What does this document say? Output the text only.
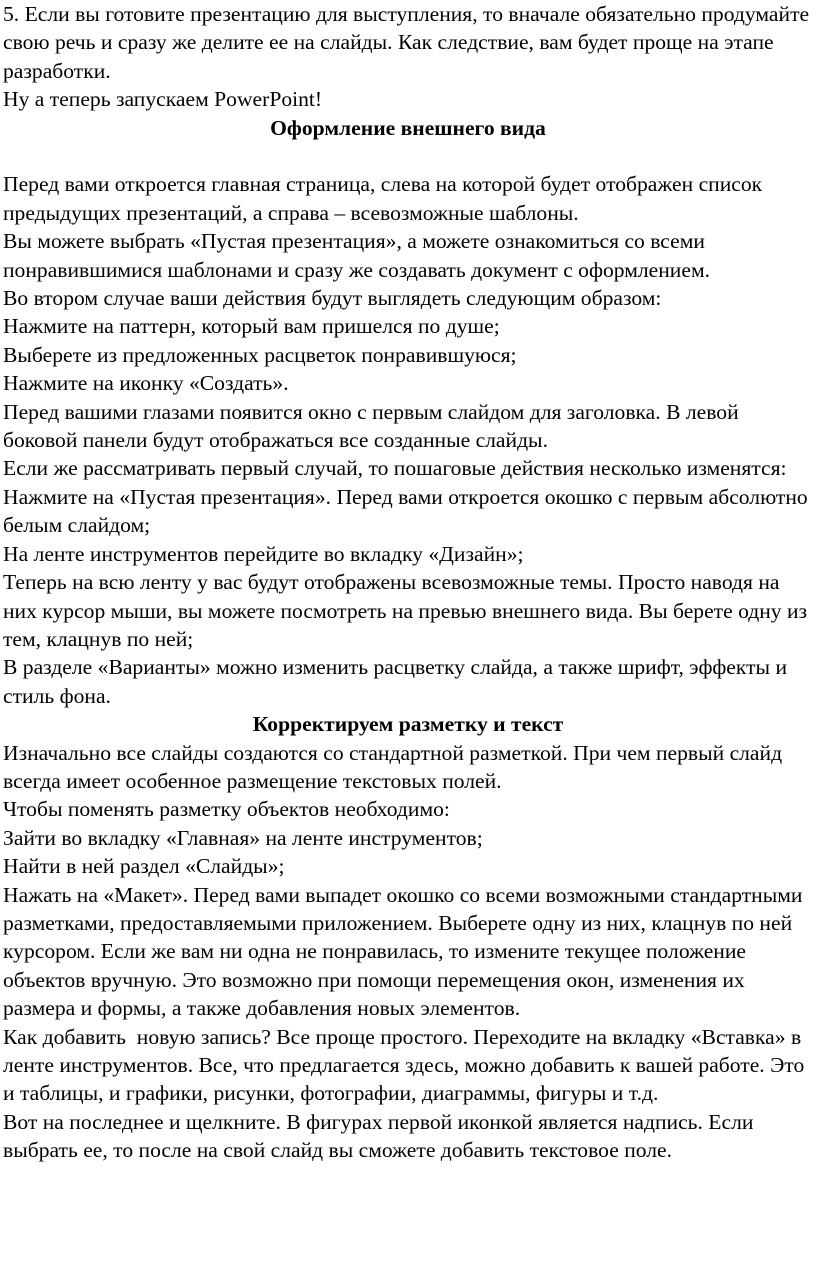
5. Если вы готовите презентацию для выступления, то вначале обязательно продумайте свою речь и сразу же делите ее на слайды. Как следствие, вам будет проще на этапе разработки.

Ну а теперь запускаем PowerPoint!

Оформление внешнего вида

Перед вами откроется главная страница, слева на которой будет отображен список предыдущих презентаций, а справа – всевозможные шаблоны.

Вы можете выбрать «Пустая презентация», а можете ознакомиться со всеми понравившимися шаблонами и сразу же создавать документ с оформлением.

Во втором случае ваши действия будут выглядеть следующим образом:

Нажмите на паттерн, который вам пришелся по душе;

Выберете из предложенных расцветок понравившуюся;

Нажмите на иконку «Создать».

Перед вашими глазами появится окно с первым слайдом для заголовка. В левой боковой панели будут отображаться все созданные слайды.

Если же рассматривать первый случай, то пошаговые действия несколько изменятся:

Нажмите на «Пустая презентация». Перед вами откроется окошко с первым абсолютно белым слайдом;

На ленте инструментов перейдите во вкладку «Дизайн»;

Теперь на всю ленту у вас будут отображены всевозможные темы. Просто наводя на них курсор мыши, вы можете посмотреть на превью внешнего вида. Вы берете одну из тем, клацнув по ней;

В разделе «Варианты» можно изменить расцветку слайда, а также шрифт, эффекты и стиль фона.

Корректируем разметку и текст

Изначально все слайды создаются со стандартной разметкой. При чем первый слайд всегда имеет особенное размещение текстовых полей.

Чтобы поменять разметку объектов необходимо:

Зайти во вкладку «Главная» на ленте инструментов;

Найти в ней раздел «Слайды»;

Нажать на «Макет». Перед вами выпадет окошко со всеми возможными стандартными разметками, предоставляемыми приложением. Выберете одну из них, клацнув по ней курсором. Если же вам ни одна не понравилась, то измените текущее положение объектов вручную. Это возможно при помощи перемещения окон, изменения их размера и формы, а также добавления новых элементов.

Как добавить  новую запись? Все проще простого. Переходите на вкладку «Вставка» в ленте инструментов. Все, что предлагается здесь, можно добавить к вашей работе. Это и таблицы, и графики, рисунки, фотографии, диаграммы, фигуры и т.д.

Вот на последнее и щелкните. В фигурах первой иконкой является надпись. Если выбрать ее, то после на свой слайд вы сможете добавить текстовое поле.
